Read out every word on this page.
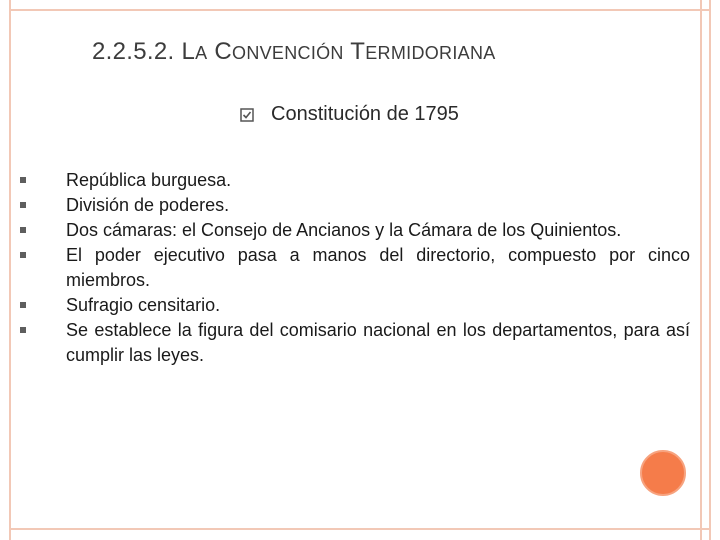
2.2.5.2. LA CONVENCIÓN TERMIDORIANA
Constitución de 1795
República burguesa.
División de poderes.
Dos cámaras: el Consejo de Ancianos y la Cámara de los Quinientos.
El poder ejecutivo pasa a manos del directorio, compuesto por cinco miembros.
Sufragio censitario.
Se establece la figura del comisario nacional en los departamentos, para así cumplir las leyes.
